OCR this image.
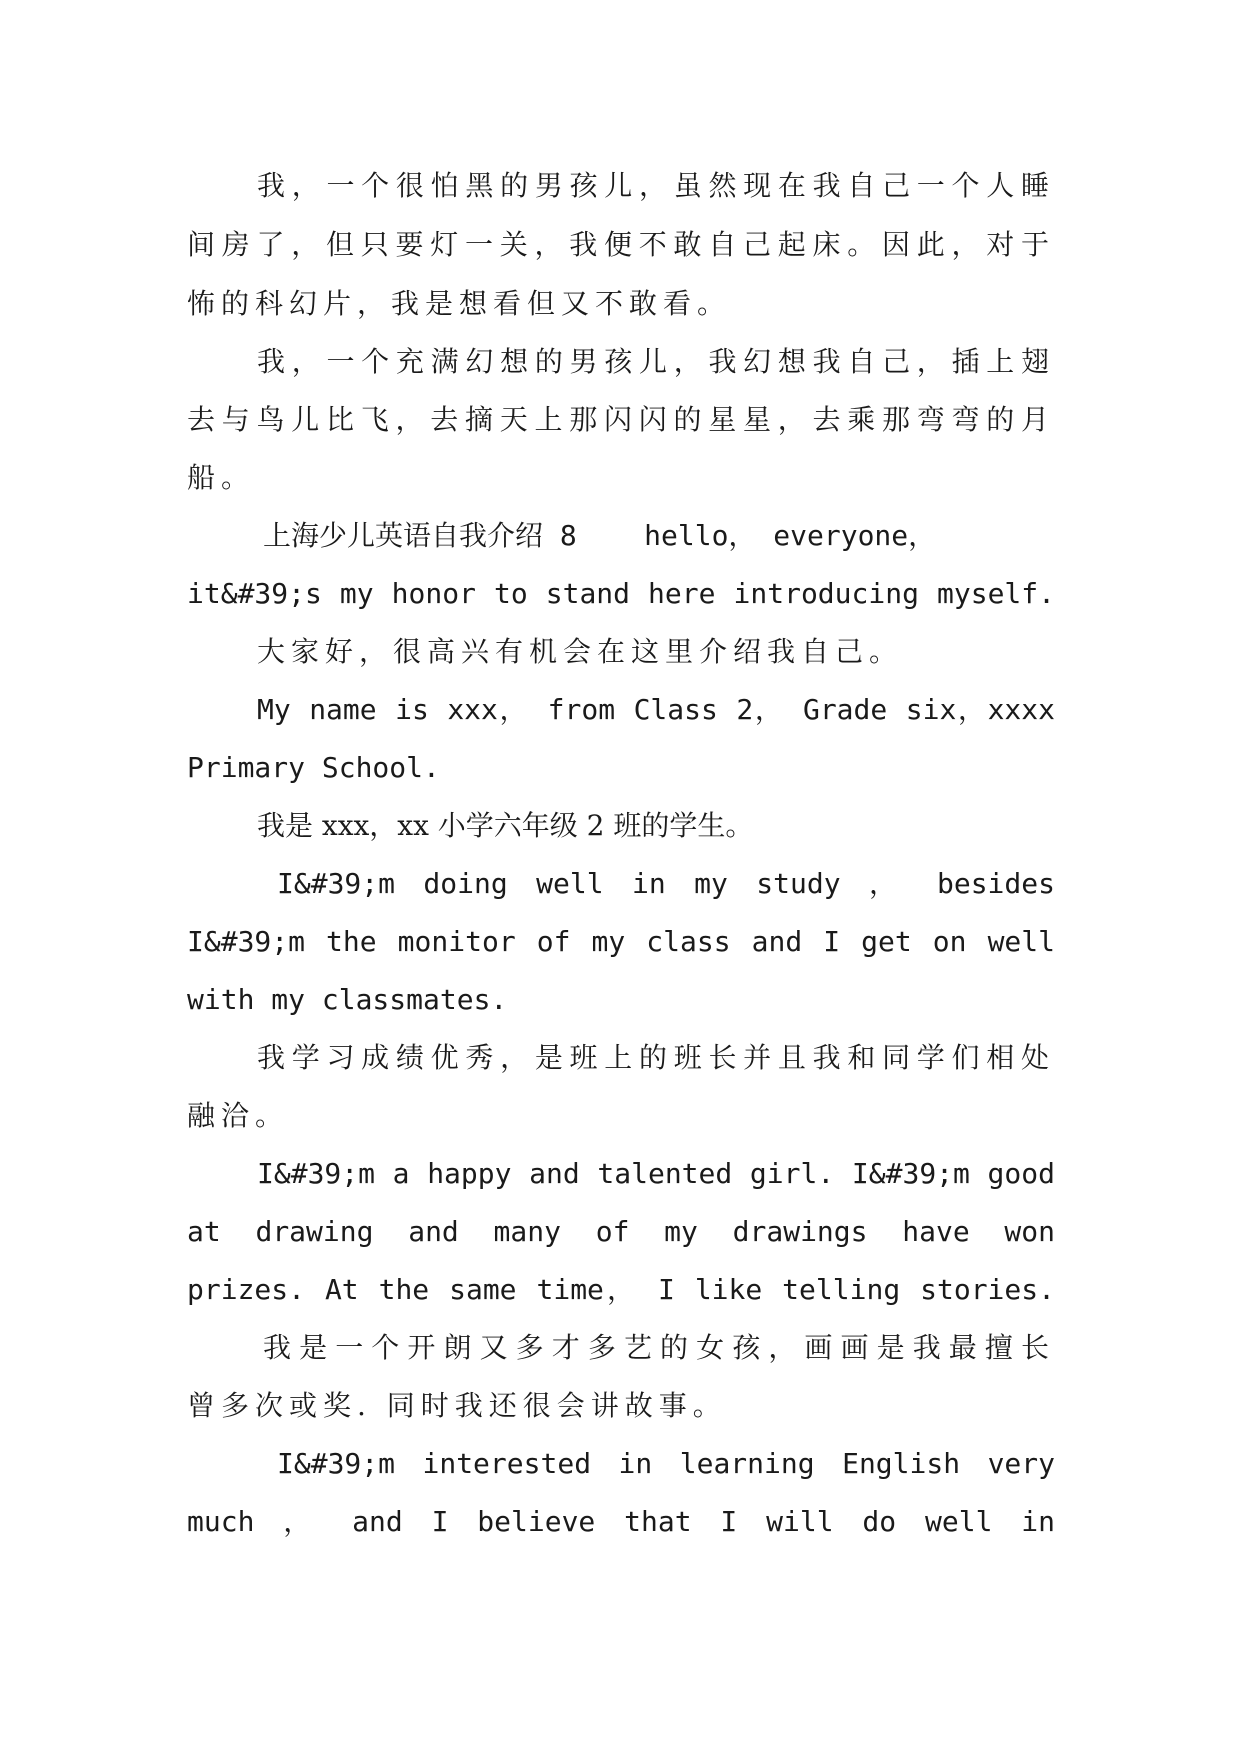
我，一个很怕黑的男孩儿，虽然现在我自己一个人睡
间房了，但只要灯一关，我便不敢自己起床。因此，对于
怖的科幻片，我是想看但又不敢看。
我，一个充满幻想的男孩儿，我幻想我自己，插上翅
去与鸟儿比飞，去摘天上那闪闪的星星，去乘那弯弯的月
船。
上海少儿英语自我介绍 8    hello， everyone，
it&#39;s my honor to stand here introducing myself.
大家好，很高兴有机会在这里介绍我自己。
My name is xxx， from Class 2， Grade six，xxxx
Primary School.
我是 xxx，xx 小学六年级 2 班的学生。
I&#39;m doing well in my study ， besides
I&#39;m the monitor of my class and I get on well
with my classmates.
我学习成绩优秀，是班上的班长并且我和同学们相处
融洽。
I&#39;m a happy and talented girl. I&#39;m good
at drawing and many of my drawings have won
prizes. At the same time， I like telling stories.
我是一个开朗又多才多艺的女孩，画画是我最擅长
曾多次或奖. 同时我还很会讲故事。
I&#39;m interested in learning English very
much ， and I believe that I will do well in
